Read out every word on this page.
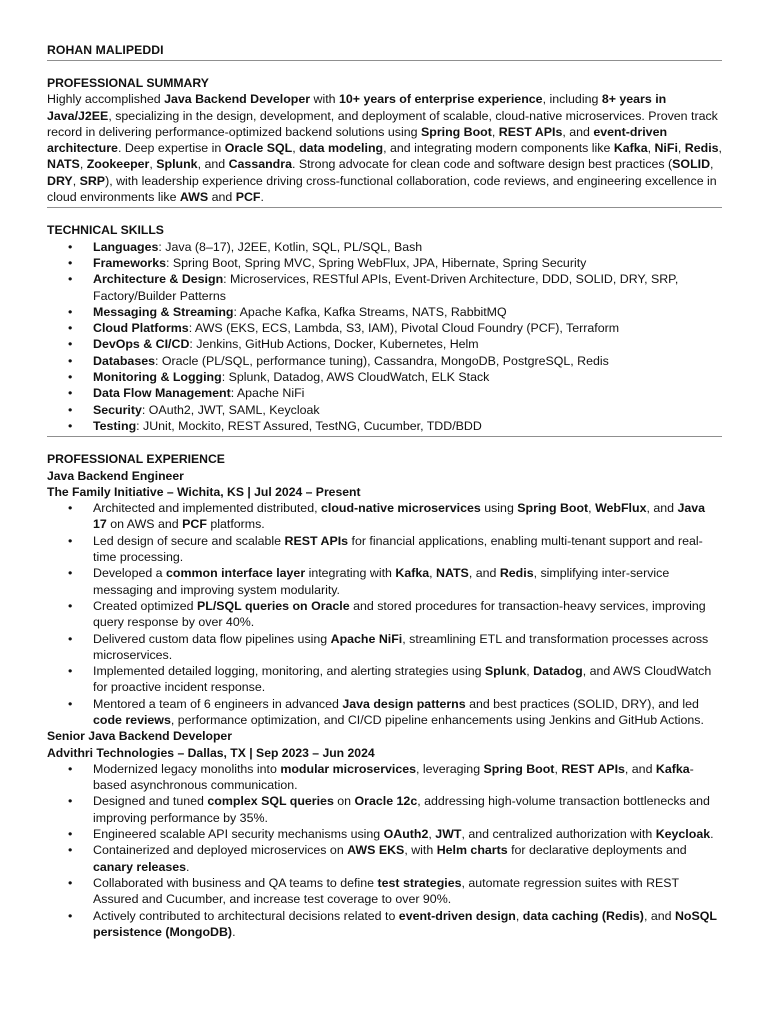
ROHAN MALIPEDDI
PROFESSIONAL SUMMARY
Highly accomplished Java Backend Developer with 10+ years of enterprise experience, including 8+ years in Java/J2EE, specializing in the design, development, and deployment of scalable, cloud-native microservices. Proven track record in delivering performance-optimized backend solutions using Spring Boot, REST APIs, and event-driven architecture. Deep expertise in Oracle SQL, data modeling, and integrating modern components like Kafka, NiFi, Redis, NATS, Zookeeper, Splunk, and Cassandra. Strong advocate for clean code and software design best practices (SOLID, DRY, SRP), with leadership experience driving cross-functional collaboration, code reviews, and engineering excellence in cloud environments like AWS and PCF.
TECHNICAL SKILLS
• Languages: Java (8–17), J2EE, Kotlin, SQL, PL/SQL, Bash
• Frameworks: Spring Boot, Spring MVC, Spring WebFlux, JPA, Hibernate, Spring Security
• Architecture & Design: Microservices, RESTful APIs, Event-Driven Architecture, DDD, SOLID, DRY, SRP, Factory/Builder Patterns
• Messaging & Streaming: Apache Kafka, Kafka Streams, NATS, RabbitMQ
• Cloud Platforms: AWS (EKS, ECS, Lambda, S3, IAM), Pivotal Cloud Foundry (PCF), Terraform
• DevOps & CI/CD: Jenkins, GitHub Actions, Docker, Kubernetes, Helm
• Databases: Oracle (PL/SQL, performance tuning), Cassandra, MongoDB, PostgreSQL, Redis
• Monitoring & Logging: Splunk, Datadog, AWS CloudWatch, ELK Stack
• Data Flow Management: Apache NiFi
• Security: OAuth2, JWT, SAML, Keycloak
• Testing: JUnit, Mockito, REST Assured, TestNG, Cucumber, TDD/BDD
PROFESSIONAL EXPERIENCE
Java Backend Engineer
The Family Initiative – Wichita, KS | Jul 2024 – Present
• Architected and implemented distributed, cloud-native microservices using Spring Boot, WebFlux, and Java 17 on AWS and PCF platforms.
• Led design of secure and scalable REST APIs for financial applications, enabling multi-tenant support and real-time processing.
• Developed a common interface layer integrating with Kafka, NATS, and Redis, simplifying inter-service messaging and improving system modularity.
• Created optimized PL/SQL queries on Oracle and stored procedures for transaction-heavy services, improving query response by over 40%.
• Delivered custom data flow pipelines using Apache NiFi, streamlining ETL and transformation processes across microservices.
• Implemented detailed logging, monitoring, and alerting strategies using Splunk, Datadog, and AWS CloudWatch for proactive incident response.
• Mentored a team of 6 engineers in advanced Java design patterns and best practices (SOLID, DRY), and led code reviews, performance optimization, and CI/CD pipeline enhancements using Jenkins and GitHub Actions.
Senior Java Backend Developer
Advithri Technologies – Dallas, TX | Sep 2023 – Jun 2024
• Modernized legacy monoliths into modular microservices, leveraging Spring Boot, REST APIs, and Kafka-based asynchronous communication.
• Designed and tuned complex SQL queries on Oracle 12c, addressing high-volume transaction bottlenecks and improving performance by 35%.
• Engineered scalable API security mechanisms using OAuth2, JWT, and centralized authorization with Keycloak.
• Containerized and deployed microservices on AWS EKS, with Helm charts for declarative deployments and canary releases.
• Collaborated with business and QA teams to define test strategies, automate regression suites with REST Assured and Cucumber, and increase test coverage to over 90%.
• Actively contributed to architectural decisions related to event-driven design, data caching (Redis), and NoSQL persistence (MongoDB).
